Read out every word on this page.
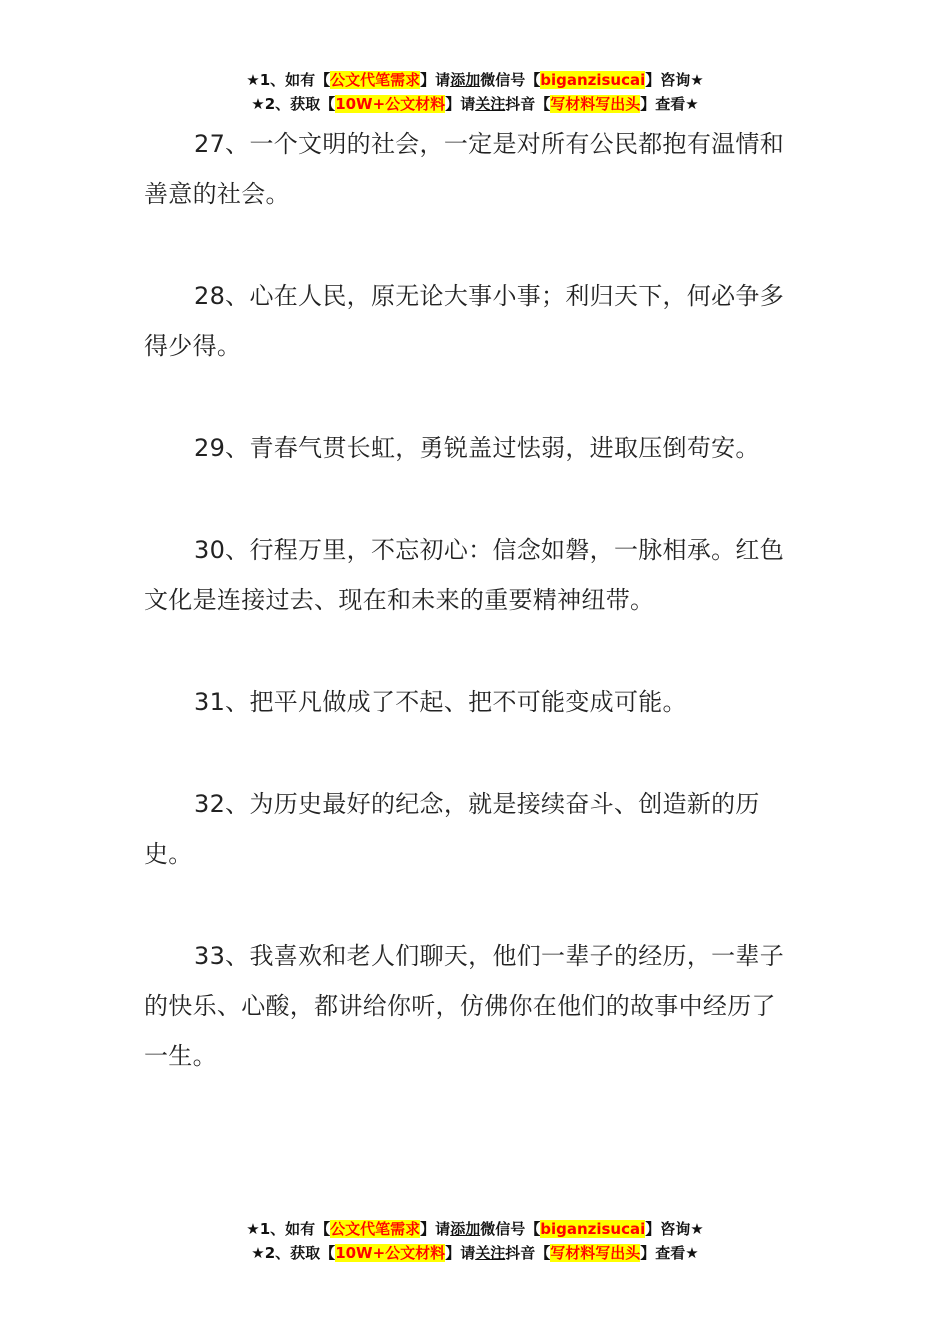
★1、如有【公文代笔需求】请添加微信号【biganzisucai】咨询★
★2、获取【10W+公文材料】请关注抖音【写材料写出头】查看★

27、一个文明的社会，一定是对所有公民都抱有温情和善意的社会。

28、心在人民，原无论大事小事；利归天下，何必争多得少得。

29、青春气贯长虹，勇锐盖过怯弱，进取压倒苟安。

30、行程万里，不忘初心：信念如磐，一脉相承。红色文化是连接过去、现在和未来的重要精神纽带。

31、把平凡做成了不起、把不可能变成可能。

32、为历史最好的纪念，就是接续奋斗、创造新的历史。

33、我喜欢和老人们聊天，他们一辈子的经历，一辈子的快乐、心酸，都讲给你听，仿佛你在他们的故事中经历了一生。

★1、如有【公文代笔需求】请添加微信号【biganzisucai】咨询★
★2、获取【10W+公文材料】请关注抖音【写材料写出头】查看★
